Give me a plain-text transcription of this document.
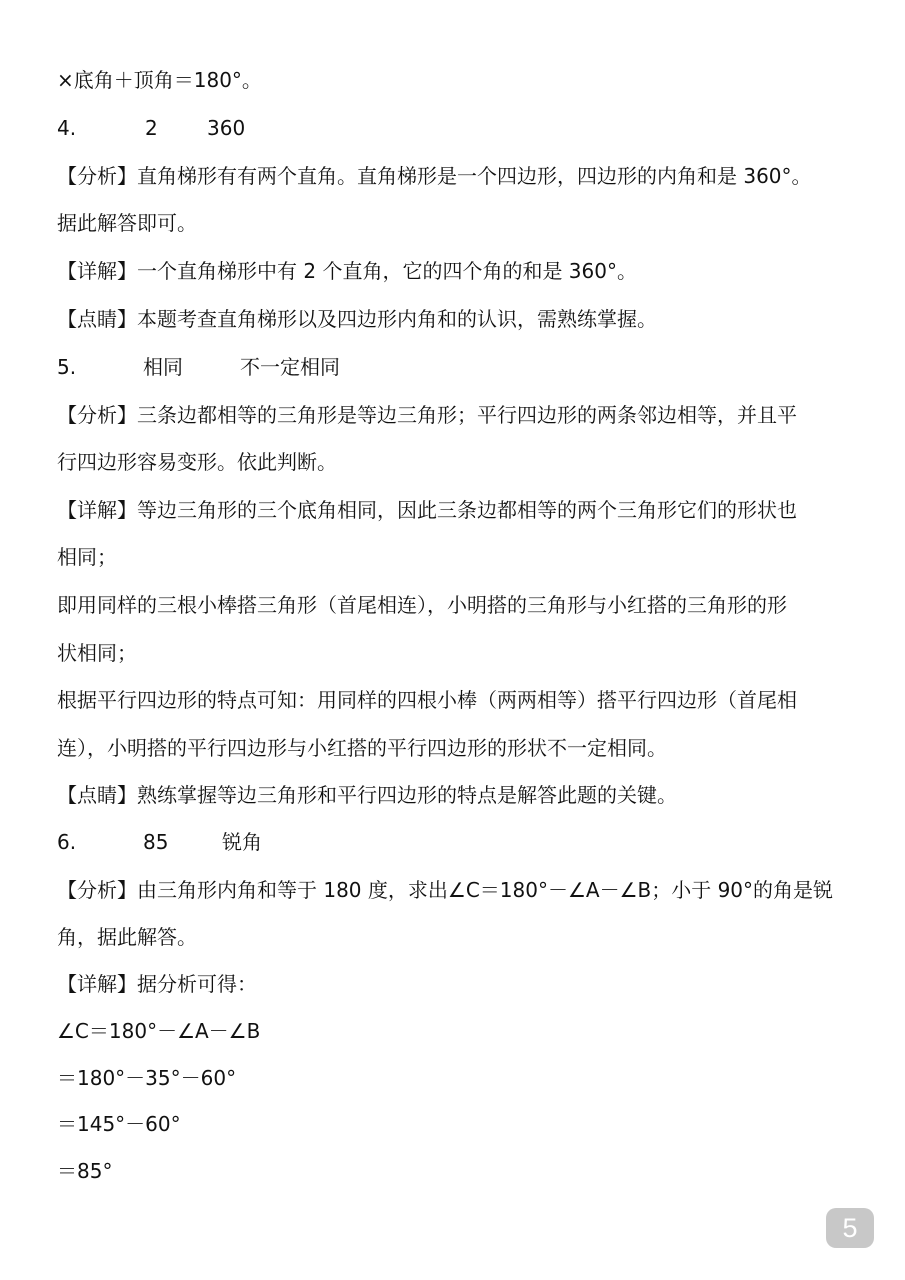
×底角＋顶角＝180°。
4.	2 360
【分析】直角梯形有有两个直角。直角梯形是一个四边形，四边形的内角和是 360°。
据此解答即可。
【详解】一个直角梯形中有 2 个直角，它的四个角的和是 360°。
【点睛】本题考查直角梯形以及四边形内角和的认识，需熟练掌握。
5.	相同	不一定相同
【分析】三条边都相等的三角形是等边三角形；平行四边形的两条邻边相等，并且平
行四边形容易变形。依此判断。
【详解】等边三角形的三个底角相同，因此三条边都相等的两个三角形它们的形状也
相同；
即用同样的三根小棒搭三角形（首尾相连），小明搭的三角形与小红搭的三角形的形
状相同；
根据平行四边形的特点可知：用同样的四根小棒（两两相等）搭平行四边形（首尾相
连），小明搭的平行四边形与小红搭的平行四边形的形状不一定相同。
【点睛】熟练掌握等边三角形和平行四边形的特点是解答此题的关键。
6.	85	锐角
【分析】由三角形内角和等于 180 度，求出∠C＝180°－∠A－∠B；小于 90°的角是锐
角，据此解答。
【详解】据分析可得：
∠C＝180°－∠A－∠B
＝180°－35°－60°
＝145°－60°
＝85°
5
